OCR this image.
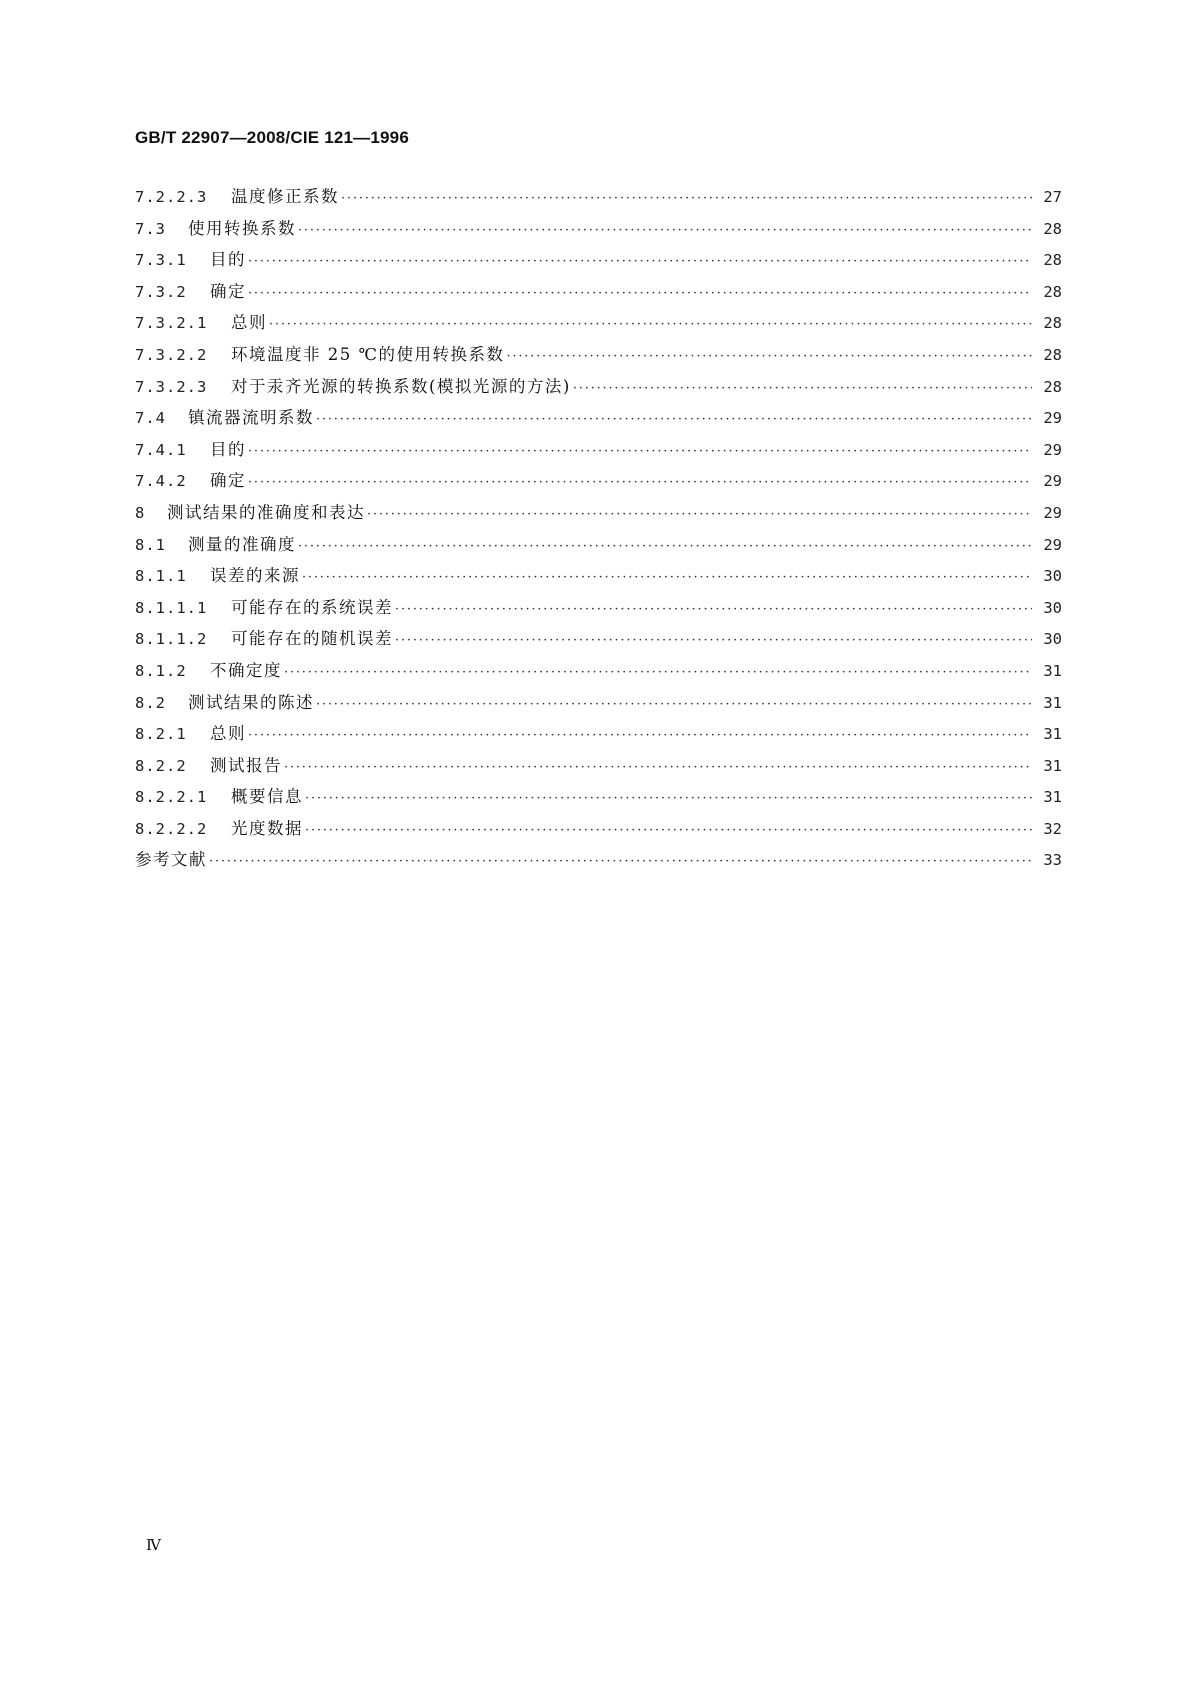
GB/T 22907—2008/CIE 121—1996
7.2.2.3	温度修正系数 ·····	27
7.3	使用转换系数 ·····	28
7.3.1	目的 ·····	28
7.3.2	确定 ·····	28
7.3.2.1	总则 ·····	28
7.3.2.2	环境温度非 25 ℃的使用转换系数 ·····	28
7.3.2.3	对于汞齐光源的转换系数(模拟光源的方法) ·····	28
7.4	镇流器流明系数 ·····	29
7.4.1	目的 ·····	29
7.4.2	确定 ·····	29
8	测试结果的准确度和表达 ·····	29
8.1	测量的准确度 ·····	29
8.1.1	误差的来源 ·····	30
8.1.1.1	可能存在的系统误差 ·····	30
8.1.1.2	可能存在的随机误差 ·····	30
8.1.2	不确定度 ·····	31
8.2	测试结果的陈述 ·····	31
8.2.1	总则 ·····	31
8.2.2	测试报告 ·····	31
8.2.2.1	概要信息 ·····	31
8.2.2.2	光度数据 ·····	32
参考文献 ·····	33
Ⅳ
